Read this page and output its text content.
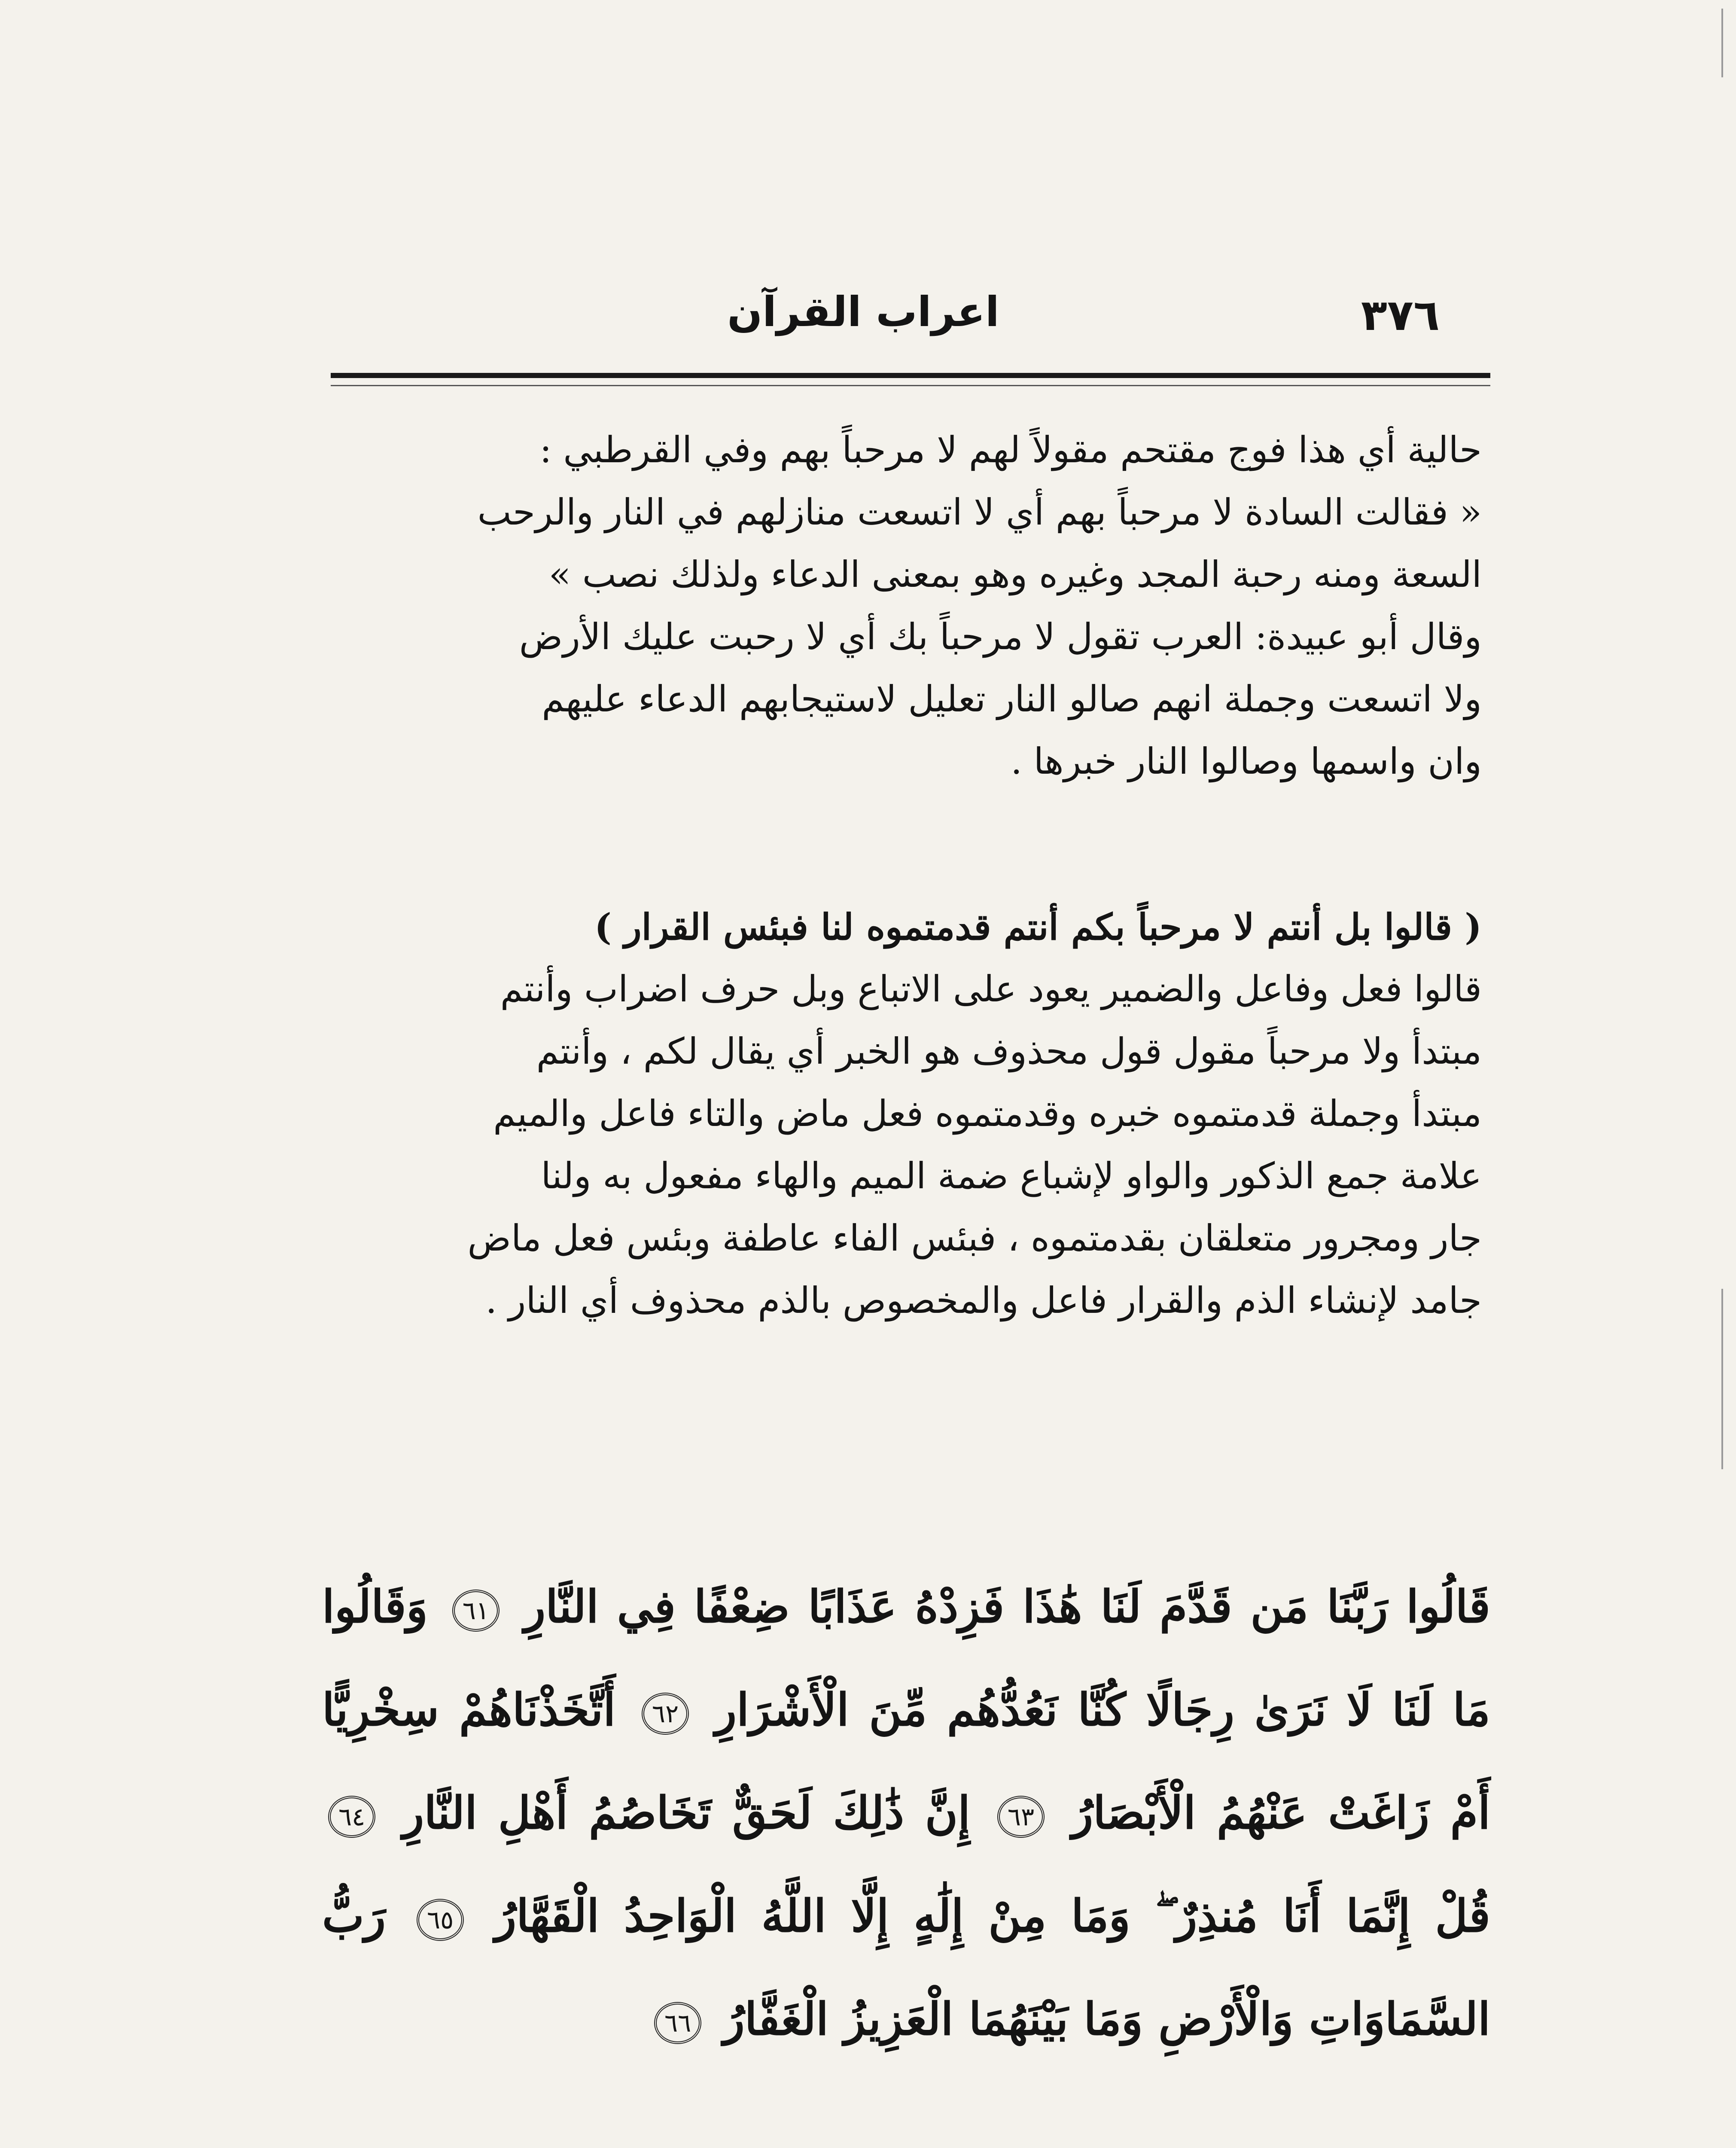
٣٧٦
اعراب القرآن

حالية أي هذا فوج مقتحم مقولاً لهم لا مرحباً بهم وفي القرطبي :

« فقالت السادة لا مرحباً بهم أي لا اتسعت منازلهم في النار والرحب

السعة ومنه رحبة المجد وغيره وهو بمعنى الدعاء ولذلك نصب »

وقال أبو عبيدة: العرب تقول لا مرحباً بك أي لا رحبت عليك الأرض

ولا اتسعت وجملة انهم صالو النار تعليل لاستيجابهم الدعاء عليهم

وان واسمها وصالوا النار خبرها .

( قالوا بل أنتم لا مرحباً بكم أنتم قدمتموه لنا فبئس القرار )

قالوا فعل وفاعل والضمير يعود على الاتباع وبل حرف اضراب وأنتم

مبتدأ ولا مرحباً مقول قول محذوف هو الخبر أي يقال لكم ، وأنتم

مبتدأ وجملة قدمتموه خبره وقدمتموه فعل ماض والتاء فاعل والميم

علامة جمع الذكور والواو لإشباع ضمة الميم والهاء مفعول به ولنا

جار ومجرور متعلقان بقدمتموه ، فبئس الفاء عاطفة وبئس فعل ماض

جامد لإنشاء الذم والقرار فاعل والمخصوص بالذم محذوف أي النار .

قَالُوا رَبَّنَا مَن قَدَّمَ لَنَا هَٰذَا فَزِدْهُ عَذَابًا ضِعْفًا فِي النَّارِ ٦١ وَقَالُوا مَا لَنَا لَا نَرَىٰ رِجَالًا كُنَّا نَعُدُّهُم مِّنَ الْأَشْرَارِ ٦٢ أَتَّخَذْنَاهُمْ سِخْرِيًّا أَمْ زَاغَتْ عَنْهُمُ الْأَبْصَارُ ٦٣ إِنَّ ذَٰلِكَ لَحَقٌّ تَخَاصُمُ أَهْلِ النَّارِ ٦٤ قُلْ إِنَّمَا أَنَا مُنذِرٌ ۖ وَمَا مِنْ إِلَٰهٍ إِلَّا اللَّهُ الْوَاحِدُ الْقَهَّارُ ٦٥ رَبُّ السَّمَاوَاتِ وَالْأَرْضِ وَمَا بَيْنَهُمَا الْعَزِيزُ الْغَفَّارُ ٦٦
